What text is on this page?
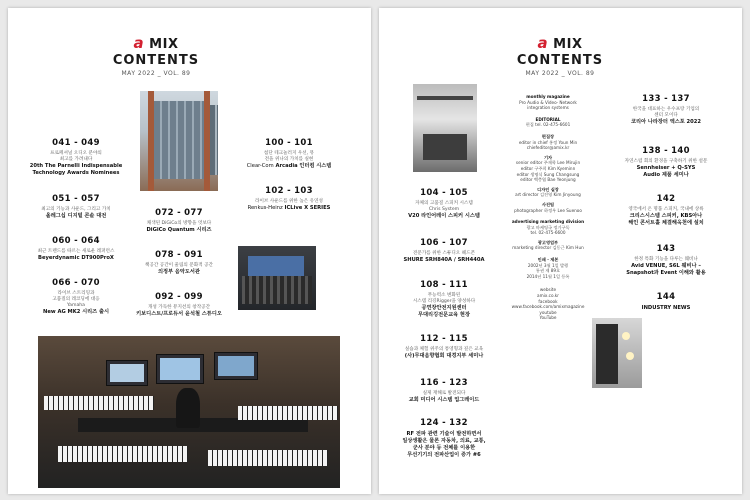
a MIX
CONTENTS
MAY 2022 _ VOL. 89
041 - 049
프로페셔널 오디오 분야의
최고를 가려내다
20th The Parnelli Indispensable
Technology Awards Nominees
051 - 057
최고의 기능과 사운드, 그리고 가치
올레그십 디지털 콘솔 대전
060 - 064
최근 트렌드를 따르는 새로운 레퍼런스
Beyerdynamic DT900ProX
066 - 070
라이브 스트리밍과
고품질의 레코딩에 대응
Yamaha
New AG MK2 시리즈 출시
072 - 077
채색된 DiGiCo의 방향을 엿보다
DiGiCo Quantum 시리즈
078 - 091
책공간 공간이 울림의 문화적 공간
의정부 음악도서관
092 - 099
개성 가득한 뮤지션의 창작공간
키보디스트/프로듀서 윤석철 스튜디오
100 - 101
첨단 테크놀러지 우선, 뮤
전을 위나의 가치를 실현
Clear-Com Arcadia 인터컴 시스템
102 - 103
라이브 사운드를 위한 높은 유연성
Renkus-Heinz ICLive X SERIES
a MIX
CONTENTS
MAY 2022 _ VOL. 89
monthly magazine
Pro Audio & Video· Network
integration systems
EDITORIAL
편집 tel. 02-475-6601
편집장
editor in chief 홍정 Youn Min
chiefeditor@amix.kr
기자
senior editor 주재학 Lee Mirujin
editor 구주희 Kim Kyeminn
editor 생명식 Sung Changsung
editor 백충엽 Bae Yeonjung
디자인 실장
art director 김진영 Kim Jinyoung
사진팀
photographer 하정우 Lee Suenoo
advertising marketing division
광고 마케팅국 정기구독
tel. 02-475-6600
광고영업부
marketing director 김동근 Kim Hun
인쇄 · 제본
2002년 3월 1일 발행
통권 제 89호
2014년 11월 1일 등록
website
amix.co.kr
facebook
www.facebook.com/amixmagazine
youtube
YouTube
104 - 105
자체의 고품질 스피커 시스템
Chris System
V20 라인어레이 스피커 시스템
106 - 107
전문가를 위한 스튜디오 헤드폰
SHURE SRH840A / SRH440A
108 - 111
무능력소 변화된
시스템 리깅Rigger을 양성하다
공연장안전지원센터
무대리깅전문교육 현장
112 - 115
실습과 체험 위주의 통영형과 깊은 교육
(사)무대음향협회 대경지부 세미나
116 - 123
실제 재해로 발전되다
교회 미디어 시스템 업그레이드
124 - 132
RF 전파 관련 기술이 발전하면서
일상생활은 물론 자동차, 의료, 교통,
군사 분야 등 전체를 이용한
무선기기의 전파산업이 증가 #6
133 - 137
한국을 대표하는 우수프랑 기업의
센터 모이다
코리아 나라장터 엑스포 2022
138 - 140
자연스럽 회의 환경을 구축하기 위한 설문
Sennheiser + Q-SYS
Audio 제품 세미나
142
영국에서 온 명품 스피커, 국내에 상륙
크리스시스템 스피커, KBS아나
해인 콘서트홀 체결해옥천에 설치
143
한정 특화 기능을 다루는 웨비나
Avid VENUE, S6L 웨비나 –
Snapshot과 Event 이해와 활용
144
INDUSTRY NEWS
